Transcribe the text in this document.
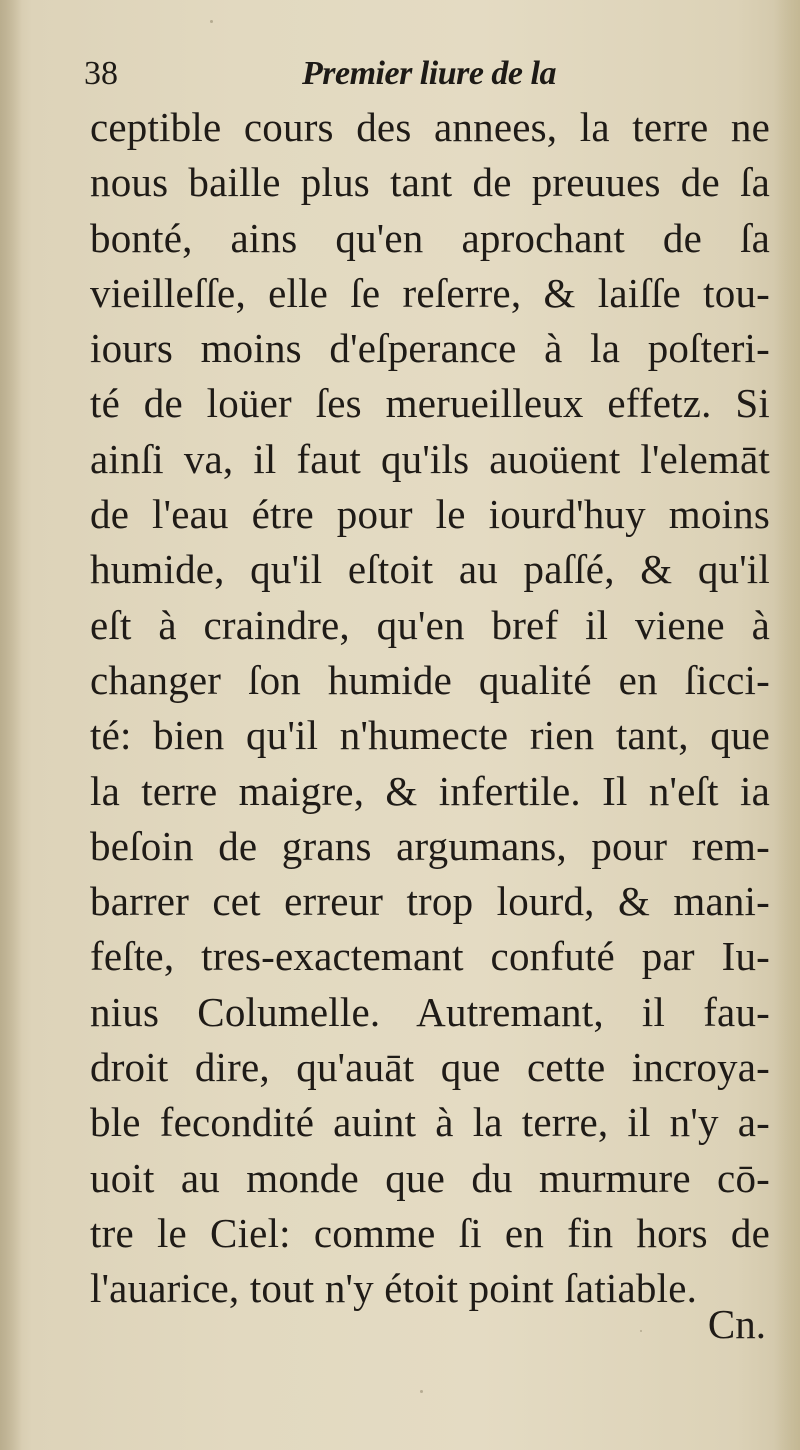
38	Premier liure de la
ceptible cours des annees, la terre ne
nous baille plus tant de preuues de ſa
bonté, ains qu'en aprochant de ſa
vieilleſſe, elle ſe reſerre, & laiſſe tou-
iours moins d'eſperance à la poſteri-
té de loüer ſes merueilleux effetz. Si
ainſi va, il faut qu'ils auoüent l'elemāt
de l'eau étre pour le iourd'huy moins
humide, qu'il eſtoit au paſſé, & qu'il
eſt à craindre, qu'en bref il viene à
changer ſon humide qualité en ſicci-
té: bien qu'il n'humecte rien tant, que
la terre maigre, & infertile. Il n'eſt ia
beſoin de grans argumans, pour rem-
barrer cet erreur trop lourd, & mani-
feſte, tres-exactemant confuté par Iu-
nius Columelle. Autremant, il fau-
droit dire, qu'auāt que cette incroya-
ble fecondité auint à la terre, il n'y a-
uoit au monde que du murmure cō-
tre le Ciel: comme ſi en fin hors de
l'auarice, tout n'y étoit point ſatiable.
Cn.
